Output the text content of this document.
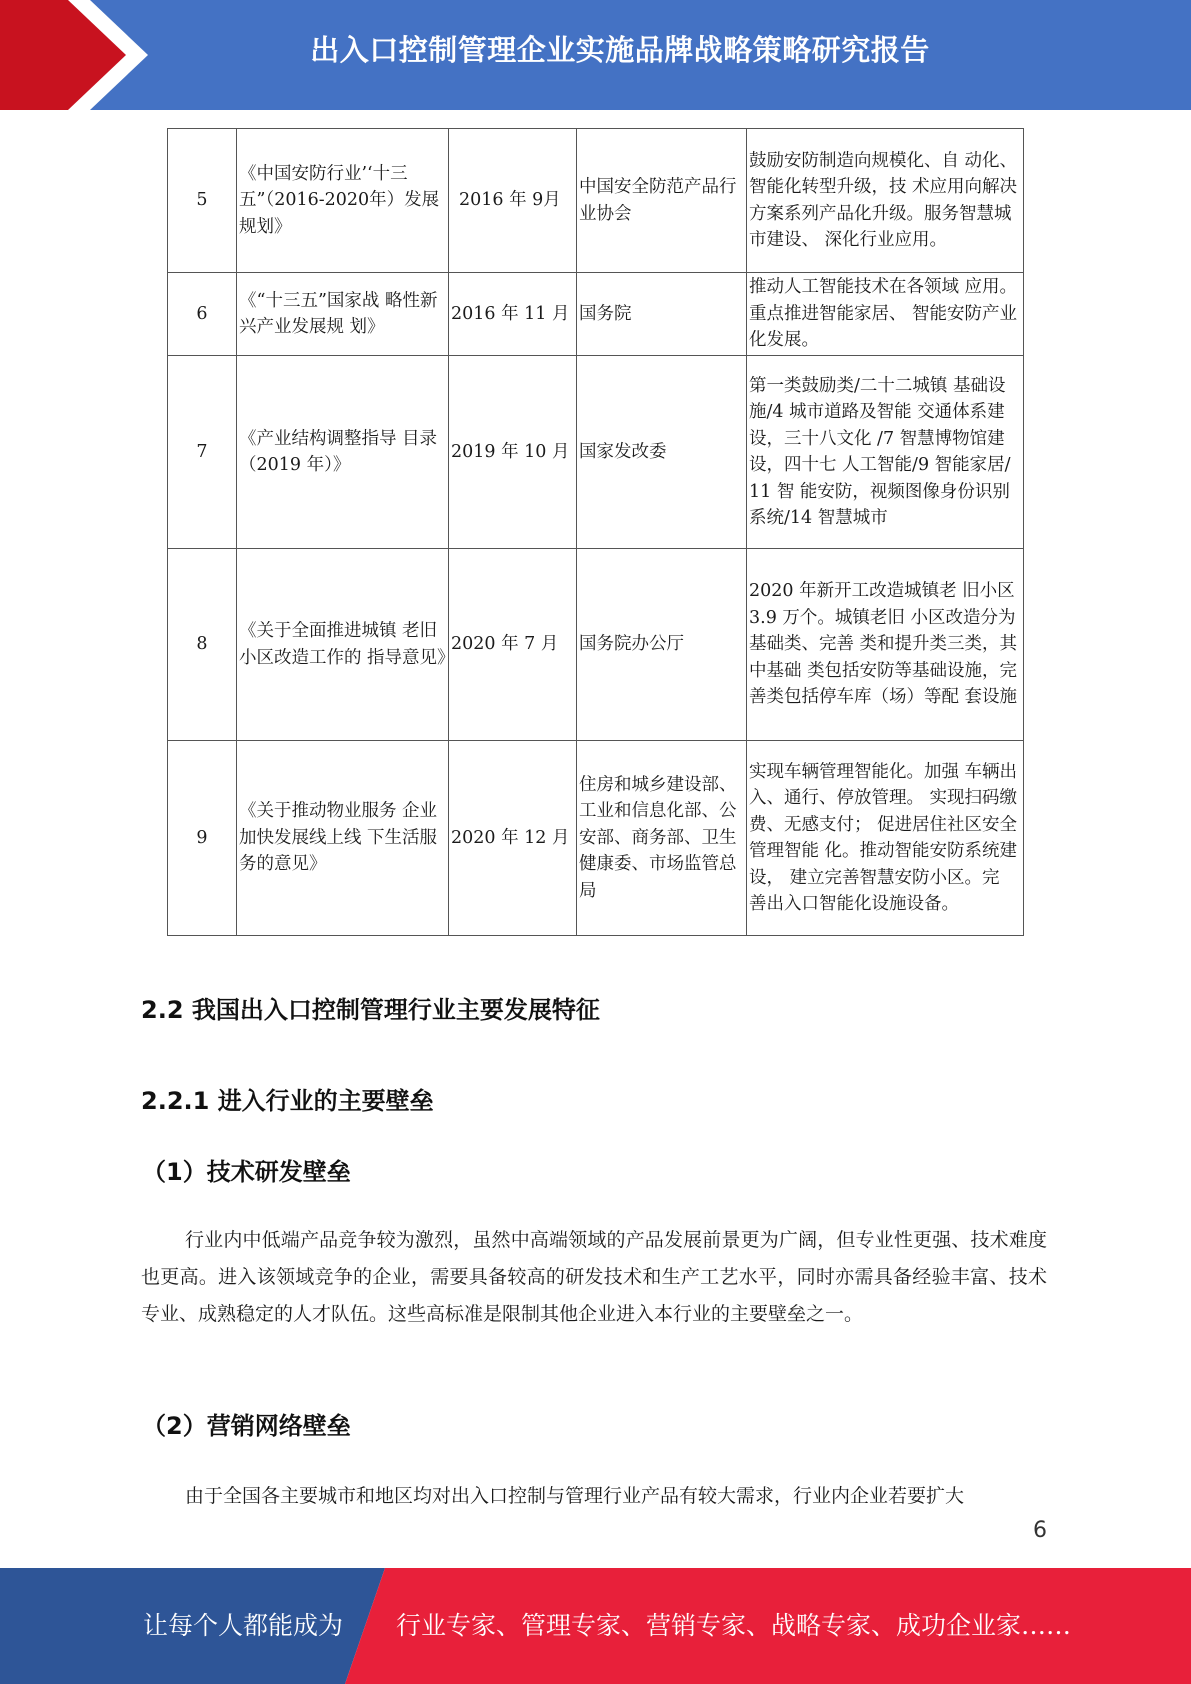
出入口控制管理企业实施品牌战略策略研究报告
5	《中国安防行业’‘十三 五”（2016-2020年）发展规划》	2016 年 9月	中国安全防范产品行业协会	鼓励安防制造向规模化、自 动化、智能化转型升级，技 术应用向解决方案系列产品化升级。服务智慧城市建设、 深化行业应用。
6	《“十三五”国家战 略性新兴产业发展规 划》	2016 年 11 月	国务院	推动人工智能技术在各领域 应用。重点推进智能家居、 智能安防产业化发展。
7	《产业结构调整指导 目录（2019 年）》	2019 年 10 月	国家发改委	第一类鼓励类/二十二城镇 基础设施/4 城市道路及智能 交通体系建设，三十八文化 /7 智慧博物馆建设，四十七 人工智能/9 智能家居/11 智 能安防，视频图像身份识别 系统/14 智慧城市
8	《关于全面推进城镇 老旧小区改造工作的 指导意见》	2020 年 7 月	国务院办公厅	2020 年新开工改造城镇老 旧小区 3.9 万个。城镇老旧 小区改造分为基础类、完善 类和提升类三类，其中基础 类包括安防等基础设施，完 善类包括停车库（场）等配 套设施
9	《关于推动物业服务 企业加快发展线上线 下生活服务的意见》	2020 年 12 月	住房和城乡建设部、工业和信息化部、公安部、商务部、卫生健康委、市场监管总局	实现车辆管理智能化。加强 车辆出入、通行、停放管理。 实现扫码缴费、无感支付； 促进居住社区安全管理智能 化。推动智能安防系统建设， 建立完善智慧安防小区。完 善出入口智能化设施设备。
2.2 我国出入口控制管理行业主要发展特征
2.2.1 进入行业的主要壁垒
（1）技术研发壁垒

行业内中低端产品竞争较为激烈，虽然中高端领域的产品发展前景更为广阔，但专业性更强、技术难度也更高。进入该领域竞争的企业，需要具备较高的研发技术和生产工艺水平，同时亦需具备经验丰富、技术专业、成熟稳定的人才队伍。这些高标准是限制其他企业进入本行业的主要壁垒之一。

（2）营销网络壁垒

由于全国各主要城市和地区均对出入口控制与管理行业产品有较大需求，行业内企业若要扩大

6
让每个人都能成为 行业专家、管理专家、营销专家、战略专家、成功企业家……
